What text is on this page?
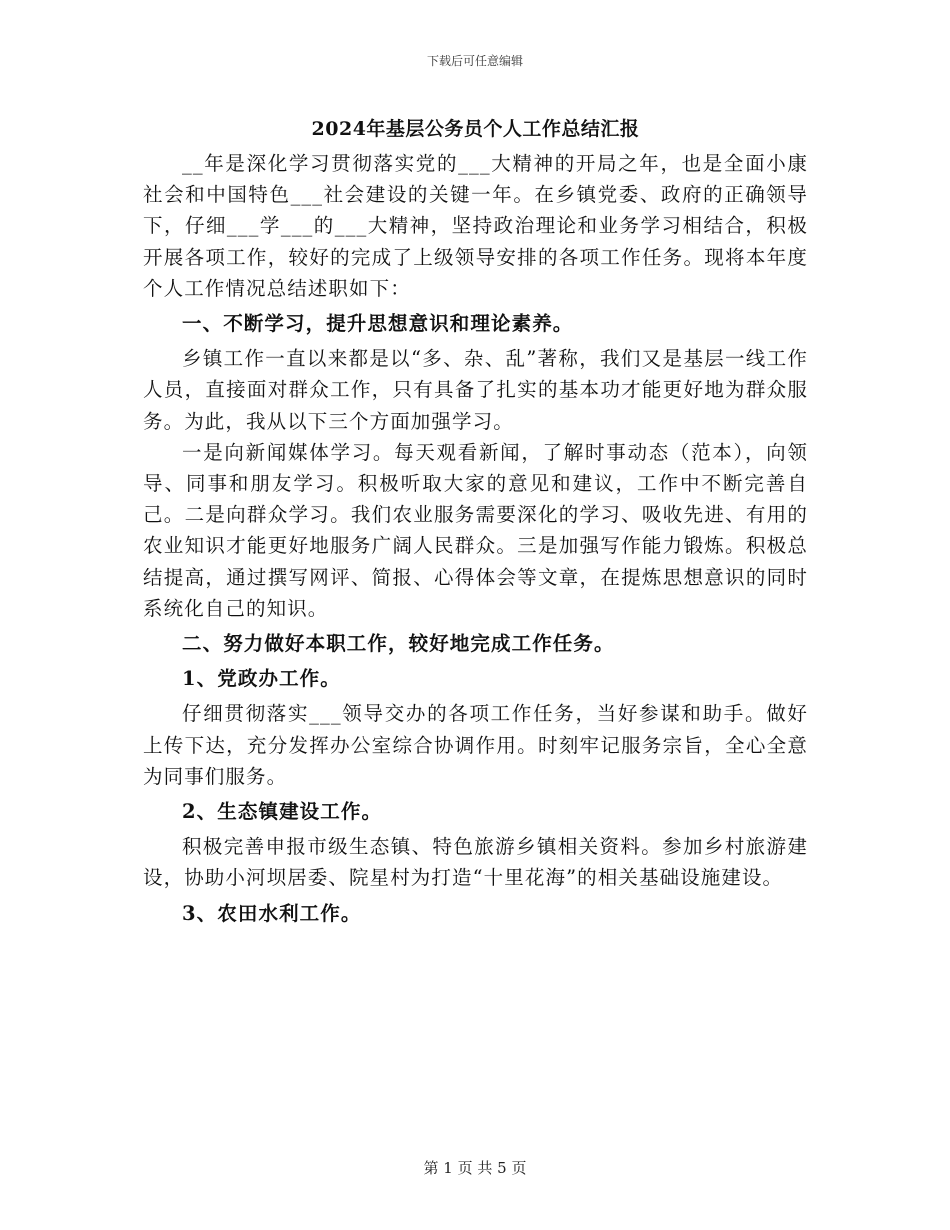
下载后可任意编辑
2024年基层公务员个人工作总结汇报

__年是深化学习贯彻落实党的___大精神的开局之年，也是全面小康社会和中国特色___社会建设的关键一年。在乡镇党委、政府的正确领导下，仔细___学___的___大精神，坚持政治理论和业务学习相结合，积极开展各项工作，较好的完成了上级领导安排的各项工作任务。现将本年度个人工作情况总结述职如下：

一、不断学习，提升思想意识和理论素养。

乡镇工作一直以来都是以“多、杂、乱”著称，我们又是基层一线工作人员，直接面对群众工作，只有具备了扎实的基本功才能更好地为群众服务。为此，我从以下三个方面加强学习。

一是向新闻媒体学习。每天观看新闻，了解时事动态（范本），向领导、同事和朋友学习。积极听取大家的意见和建议，工作中不断完善自己。二是向群众学习。我们农业服务需要深化的学习、吸收先进、有用的农业知识才能更好地服务广阔人民群众。三是加强写作能力锻炼。积极总结提高，通过撰写网评、简报、心得体会等文章，在提炼思想意识的同时系统化自己的知识。

二、努力做好本职工作，较好地完成工作任务。

1、党政办工作。

仔细贯彻落实___领导交办的各项工作任务，当好参谋和助手。做好上传下达，充分发挥办公室综合协调作用。时刻牢记服务宗旨，全心全意为同事们服务。

2、生态镇建设工作。

积极完善申报市级生态镇、特色旅游乡镇相关资料。参加乡村旅游建设，协助小河坝居委、院星村为打造“十里花海”的相关基础设施建设。

3、农田水利工作。

第 1 页 共 5 页
